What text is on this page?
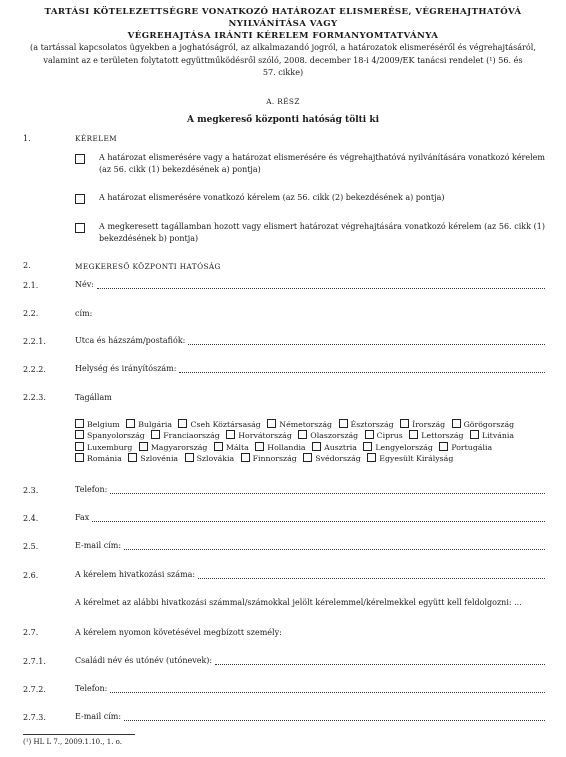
TARTÁSI KÖTELEZETTSÉGRE VONATKOZÓ HATÁROZAT ELISMERÉSE, VÉGREHAJTHATÓVÁ NYILVÁNÍTÁSA VAGY
VÉGREHAJTÁSA IRÁNTI KÉRELEM FORMANYOMTATVÁNYA
(a tartással kapcsolatos ügyekben a joghatóságról, az alkalmazandó jogról, a határozatok elismeréséről és végrehajtásáról,
valamint az e területen folytatott együttműködésről szóló, 2008. december 18-i 4/2009/EK tanácsi rendelet (¹) 56. és
57. cikke)
A. RÉSZ
A megkereső központi hatóság tölti ki
1.	KÉRELEM
A határozat elismerésére vagy a határozat elismerésére és végrehajthatóvá nyilvánítására vonatkozó kérelem (az 56. cikk (1) bekezdésének a) pontja)
A határozat elismerésére vonatkozó kérelem (az 56. cikk (2) bekezdésének a) pontja)
A megkeresett tagállamban hozott vagy elismert határozat végrehajtására vonatkozó kérelem (az 56. cikk (1) bekezdésének b) pontja)
2.	MEGKERESŐ KÖZPONTI HATÓSÁG
2.1.	Név:
2.2.	cím:
2.2.1.	Utca és házszám/postafiók:
2.2.2.	Helység és irányítószám:
2.2.3.	Tagállam
Belgium Bulgária Cseh Köztársaság Németország Észtország Írország Görögország Spanyolország Franciaország Horvátország Olaszország Ciprus Lettország Litvánia Luxemburg Magyarország Málta Hollandia Ausztria Lengyelország Portugália Románia Szlovénia Szlovákia Finnország Svédország Egyesült Királyság
2.3.	Telefon:
2.4.	Fax
2.5.	E-mail cím:
2.6.	A kérelem hivatkozási száma:
A kérelmet az alábbi hivatkozási számmal/számokkal jelölt kérelemmel/kérelmekkel együtt kell feldolgozni: ...
2.7.	A kérelem nyomon követésével megbízott személy:
2.7.1.	Családi név és utónév (utónevek):
2.7.2.	Telefon:
2.7.3.	E-mail cím:
(¹) HL L 7., 2009.1.10., 1. o.
